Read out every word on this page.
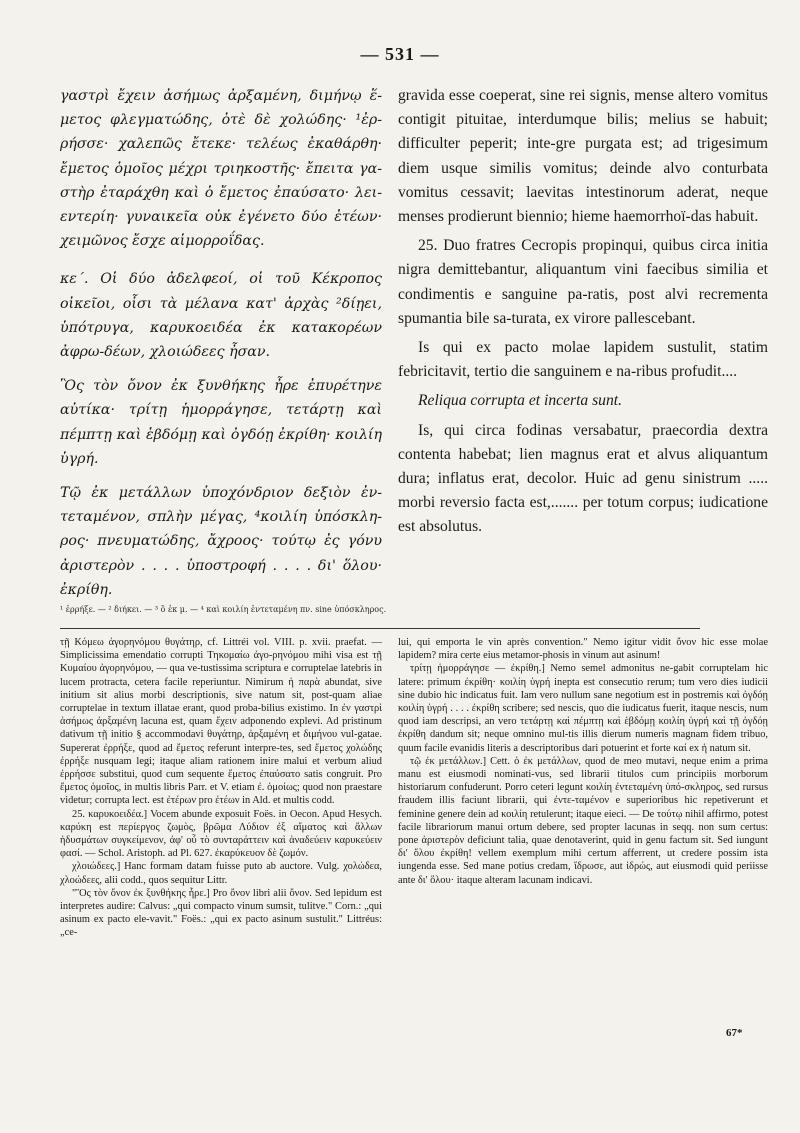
— 531 —

γαστρὶ ἔχειν ἀσήμως ἀρξαμένη, διμήνῳ ἕ-μετος φλεγματώδης, ὁτὲ δὲ χολώδης· ¹ἐρ-ρήσσε· χαλεπῶς ἔτεκε· τελέως ἐκαθάρθη· ἔμετος ὁμοῖος μέχρι τριηκοστῆς· ἔπειτα γα-στὴρ ἐταράχθη καὶ ὁ ἔμετος ἐπαύσατο· λει-εντερίη· γυναικεῖα οὐκ ἐγένετο δύο ἐτέων· χειμῶνος ἔσχε αἱμορροΐδας.

κε΄. Οἱ δύο ἀδελφεοί, οἱ τοῦ Κέκροπος οἰκεῖοι, οἷσι τὰ μέλανα κατ' ἀρχὰς ²δίῃει, ὑπότρυγα, καρυκοειδέα ἐκ κατακορέων ἀφρω-δέων, χλοιώδεες ἦσαν.

Ὃς τὸν ὄνον ἐκ ξυνθήκης ἦρε ἐπυρέτηνε αὐτίκα· τρίτῃ ἡμορράγησε, τετάρτῃ καὶ πέμπτῃ καὶ ἑβδόμῃ καὶ ὀγδόῃ ἐκρίθη· κοιλίη ὑγρή.

Τῷ ἐκ μετάλλων ὑποχόνδριον δεξιὸν ἐν-τεταμένον, σπλὴν μέγας, ⁴κοιλίη ὑπόσκλη-ρος· πνευματώδης, ἄχροος· τούτῳ ἐς γόνυ ἀριστερὸν . . . . ὑποστροφή . . . . δι' ὅλου· ἐκρίθη.

gravida esse coeperat, sine rei signis, mense altero vomitus contigit pituitae, interdumque bilis; melius se habuit; difficulter peperit; inte-gre purgata est; ad trigesimum diem usque similis vomitus; deinde alvo conturbata vomitus cessavit; laevitas intestinorum aderat, neque menses prodierunt biennio; hieme haemorrhoï-das habuit.

25. Duo fratres Cecropis propinqui, quibus circa initia nigra demittebantur, aliquantum vini faecibus similia et condimentis e sanguine pa-ratis, post alvi recrementa spumantia bile sa-turata, ex virore pallescebant.

Is qui ex pacto molae lapidem sustulit, statim febricitavit, tertio die sanguinem e na-ribus profudit....

Reliqua corrupta et incerta sunt.

Is, qui circa fodinas versabatur, praecordia dextra contenta habebat; lien magnus erat et alvus aliquantum dura; inflatus erat, decolor. Huic ad genu sinistrum ..... morbi reversio facta est,....... per totum corpus; iudicatione est absolutus.

¹ ἐρρήξε. — ² διήκει. — ³ ὃ ἐκ μ. — ⁴ καὶ κοιλίη ἐντεταμένη πν. sine ὑπόσκληρος.

τῇ Κόμεω ἀγορηνόμου θυγάτηρ, cf. Littréi vol. VIII. p. xvii. praefat. — Simplicissima emendatio corrupti Τηκομαίω ἀγο-ρηνόμου mihi visa est τῇ Κυμαίου ἀγορηνόμου, — qua ve-tustissima scriptura e corruptelae latebris in lucem protracta, cetera facile reperiuntur. Nimirum ἡ παρὰ abundat, sive initium sit alius morbi descriptionis, sive natum sit, post-quam aliae corruptelae in textum illatae erant, quod proba-bilius existimo. In ἐν γαστρὶ ἀσήμως ἀρξαμένη lacuna est, quam ἔχειν adponendo explevi. Ad pristinum dativum τῇ initio § accommodavi θυγάτηρ, ἀρξαμένη et διμήνου vul-gatae. Supererat ἐρρήξε, quod ad ἔμετος referunt interpre-tes, sed ἔμετος χολώδης ἐρρήξε nusquam legi; itaque aliam rationem inire malui et verbum aliud ἐρρήσσε substitui, quod cum sequente ἔμετος ἐπαύσατο satis congruit. Pro ἔμετος ὁμοῖος, in multis libris Parr. et V. etiam ἐ. ὁμοίως; quod non praestare videtur; corrupta lect. est ἐτέρων pro ἐτέων in Ald. et multis codd.

25. καρυκοειδέα.] Vocem abunde exposuit Foës. in Oecon. Apud Hesych. καρύκη est περίεργος ζωμὸς, βρῶμα Λύδιον ἐξ αἵματος καὶ ἄλλων ἡδυσμάτων συγκείμενον, ἀφ' οὗ τὸ συνταράττειν καὶ ἀναδεύειν καρυκεύειν φασί. — Schol. Aristoph. ad Pl. 627. ἐκαρύκευον δὲ ζωμόν.

χλοιώδεες.] Hanc formam datam fuisse puto ab auctore. Vulg. χολώδεα, χλοώδεες, alii codd., quos sequitur Littr.

"Ὃς τὸν ὄνον ἐκ ξυνθήκης ἦρε.] Pro ὄνον libri alii ὄνον. Sed lepidum est interpretes audire: Calvus: „qui compacto vinum sumsit, tulitve." Corn.: „qui asinum ex pacto ele-vavit." Foës.: „qui ex pacto asinum sustulit." Littréus: „ce-

lui, qui emporta le vin après convention." Nemo igitur vidit ὄνον hic esse molae lapidem? mira certe eius metamor-phosis in vinum aut asinum!

τρίτῃ ἡμορράγησε — ἐκρίθη.] Nemo semel admonitus ne-gabit corruptelam hic latere: primum ἐκρίθη· κοιλίη ὑγρή inepta est consecutio rerum; tum vero dies iudicii sine dubio hic indicatus fuit. Iam vero nullum sane negotium est in postremis καὶ ὀγδόῃ κοιλίη ὑγρή . . . . ἐκρίθη scribere; sed nescis, quo die iudicatus fuerit, itaque nescis, num quod iam descripsi, an vero τετάρτῃ καὶ πέμπτῃ καὶ ἑβδόμῃ κοιλίη ὑγρή καὶ τῇ ὀγδόῃ ἐκρίθη dandum sit; neque omnino mul-tis illis dierum numeris magnam fidem tribuo, quum facile evanidis literis a descriptoribus dari potuerint et forte καί ex ἡ natum sit.

τῷ ἐκ μετάλλων.] Cett. ὁ ἐκ μετάλλων, quod de meo mutavi, neque enim a prima manu est eiusmodi nominati-vus, sed librarii titulos cum principiis morborum historiarum confuderunt. Porro ceteri legunt κοιλίη ἐντεταμένη ὑπό-σκληρος, sed rursus fraudem illis faciunt librarii, qui ἐντε-ταμένον e superioribus hic repetiverunt et feminine genere dein ad κοιλίη retulerunt; itaque eieci. — De τούτῳ nihil affirmo, potest facile librariorum manui ortum debere, sed propter lacunas in seqq. non sum certus: pone ἀριστερὸν deficiunt talia, quae denotaverint, quid in genu factum sit. Sed iungunt δι' ὅλου ἐκρίθη! vellem exemplum mihi certum afferrent, ut credere possim ista iungenda esse. Sed mane potius credam, ἴδρωσε, aut ἱδρώς, aut eiusmodi quid periisse ante δι' ὅλου· itaque alteram lacunam indicavi.

67*
